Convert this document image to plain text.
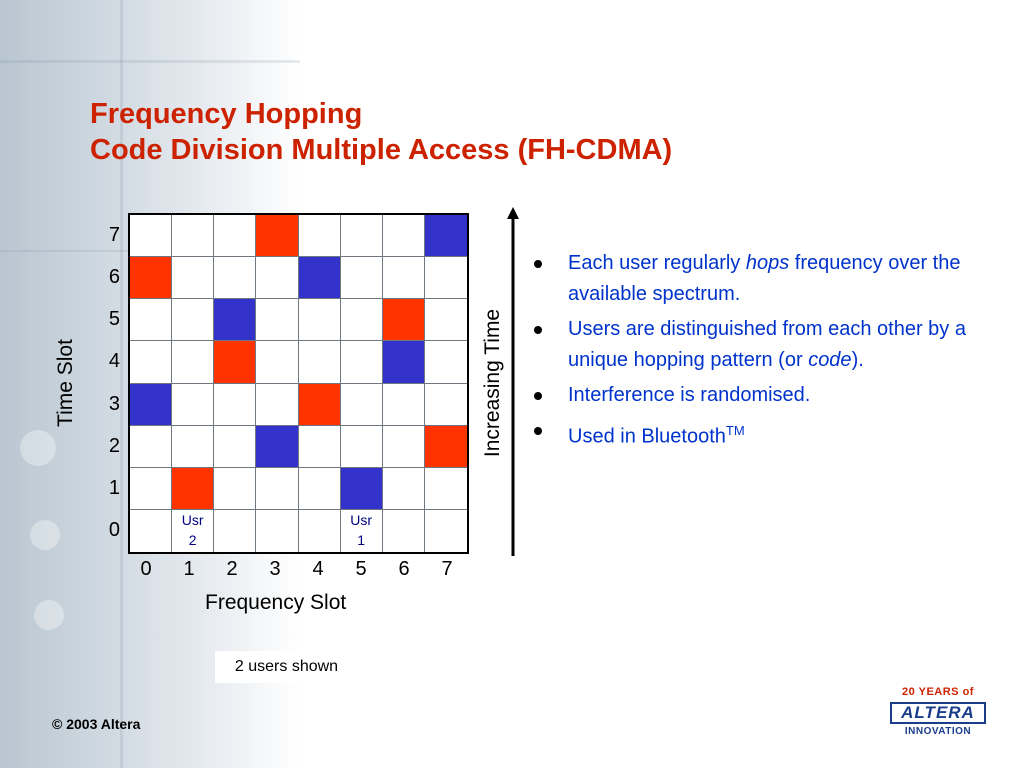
Frequency Hopping
Code Division Multiple Access (FH-CDMA)
Usr
2
Usr
1
0
1
2
3
4
5
6
7
0 1 2 3 4 5 6 7
Time Slot
Frequency Slot
Increasing Time
Each user regularly hops frequency over the available spectrum.
Users are distinguished from each other by a unique hopping pattern (or code).
Interference is randomised.
Used in Bluetooth™
2 users shown
© 2003 Altera
20 YEARS of
ALTERA
INNOVATION
